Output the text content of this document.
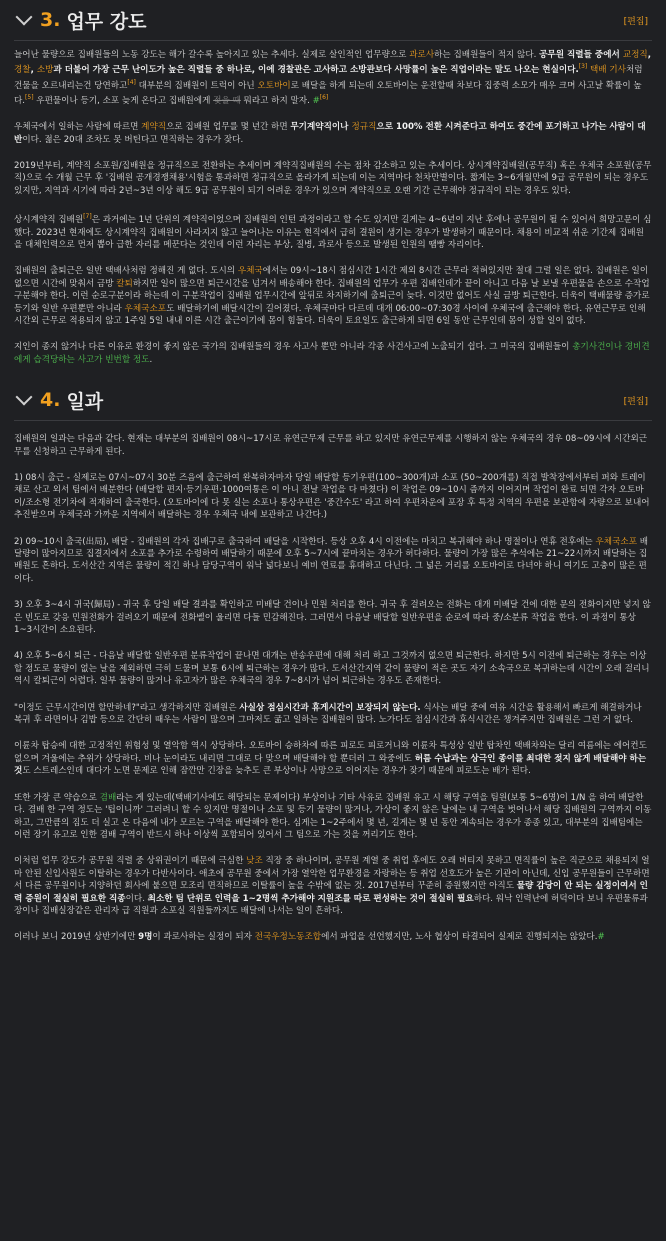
3. 업무 강도	[편집]

늘어난 물량으로 집배원들의 노동 강도는 해가 갈수록 높아지고 있는 추세다. 실제로 살인적인 업무량으로 과로사하는 집배원들이 적지 않다. 공무원 직렬들 중에서 교정직, 경찰, 소방과 더불어 가장 근무 난이도가 높은 직렬들 중 하나로, 이에 경찰관은 고사하고 소방관보다 사망률이 높은 직업이라는 말도 나오는 현실이다.[3] 택배 기사처럼 건물을 오르내리는건 당연하고[4] 대부분의 집배원이 트럭이 아닌 오토바이로 배달을 하게 되는데 오토바이는 운전할때 차보다 집중력 소모가 매우 크며 사고날 확률이 높다.[5] 우편물이나 등기, 소포 늦게 온다고 집배원에게 젖을 때 뭐라고 하지 말자. #[6]

우체국에서 일하는 사람에 따르면 계약직으로 집배원 업무를 몇 년간 하면 무기계약직이나 정규직으로 100% 전환 시켜준다고 하여도 중간에 포기하고 나가는 사람이 대반이다. 젊은 20대 조차도 못 버틴다고 면직하는 경우가 잦다.

2019년부터, 계약직 소포원/집배원을 정규직으로 전환하는 추세이며 계약직집배원의 수는 점차 감소하고 있는 추세이다. 상시계약집배원(공무직) 혹은 우체국 소포원(공무직)으로 수 개월 근무 후 '집배원 공개경쟁채용'시험을 통과하면 정규직으로 올라가게 되는데 이는 지역마다 천차만별이다. 짧게는 3~6개월만에 9급 공무원이 되는 경우도 있지만, 지역과 시기에 따라 2년~3년 이상 해도 9급 공무원이 되기 어려운 경우가 있으며 계약직으로 오랜 기간 근무해야 정규직이 되는 경우도 있다.

상시계약직 집배원[7]은 과거에는 1년 단위의 계약직이었으며 집배원의 인턴 과정이라고 할 수도 있지만 길게는 4~6년이 지난 후에나 공무원이 될 수 있어서 희망고문이 심했다. 2023년 현재에도 상시계약직 집배원이 사라지지 않고 늘어나는 이유는 현직에서 급히 결원이 생기는 경우가 발생하기 때문이다. 채용이 비교적 쉬운 기간제 집배원을 대체인력으로 먼저 뽑아 급한 자리를 메꾼다는 것인데 이런 자리는 부상, 질병, 과로사 등으로 발생된 인원의 땜빵 자리이다.

집배원의 출퇴근은 일반 택배사처럼 정해진 게 없다. 도시의 우체국에서는 09시~18시 점심시간 1시간 제외 8시간 근무라 적혀있지만 절대 그럴 일은 없다. 집배원은 일이 없으면 시간에 맞춰서 금방 칼퇴하지만 일이 많으면 퇴근시간을 넘겨서 배송해야 한다. 집배원의 업무가 우편 집배인데가 끝이 아니고 다음 날 보낼 우편물을 손으로 수작업 구분해야 한다. 이런 순로구분이라 하는데 이 구분작업이 집배원 업무시간에 앞뒤로 차지하기에 출퇴근이 늦다. 이것만 없어도 사실 금방 퇴근한다. 더욱이 택배물량 증가로 등기와 일반 우편뿐만 아니라 우체국소포도 배달하기에 배달시간이 길어졌다. 우체국마다 다르데 대개 06:00~07:30경 사이에 우체국에 출근해야 한다. 유연근무로 인해 시간외 근무로 적용되지 않고 1주일 5일 내내 이른 시간 출근이기에 몸이 힘들다. 더욱이 토요일도 출근하게 되면 6일 동안 근무인데 몸이 성할 일이 없다.

지인이 종지 않거나 다른 이유로 환경이 좋지 않은 국가의 집배원들의 경우 사고사 뿐만 아니라 각종 사건사고에 노출되기 쉽다. 그 미국의 집배원들이 총기사건이나 경비견에게 습격당하는 사고가 빈번할 정도.

4. 일과	[편집]

집배원의 일과는 다음과 같다. 현재는 대부분의 집배원이 08시~17시로 유연근무제 근무를 하고 있지만 유연근무제를 시행하지 않는 우체국의 경우 08~09시에 시간외근무를 신청하고 근무하게 된다.

1) 08시 출근 - 실제로는 07시~07시 30분 즈음에 출근하여 완복하자마자 당일 배달할 등기우편(100~300개)과 소포 (50~200개를) 직접 발착장에서부터 퍼와 트레이 채로 산고 외서 팀에서 배분한다 (배달할 편지·등기우편·1000여통은 이 아니 전날 작업을 다 마쳤다) 이 작업은 09~10시 즘까지 이어지며 작업이 완료 되면 각자 오토바이/조소형 전기차에 적재하여 출국한다. (오토바이에 다 못 실는 소포나 통상우편은 '중간수도' 라고 하여 우편차운에 포장 후 특정 지역의 우편을 보관함에 자량으로 보내어 추진받으며 우체국과 가까운 지역에서 배달하는 경우 우체국 내에 보관하고 나간다.)

2) 09~10시 출국(出局), 배달 - 집배원의 각자 집배구로 출국하여 배달을 시작한다. 등상 오후 4시 이전에는 마치고 복귀해야 하나 명절이나 연휴 전후에는 우체국소포 배달량이 많아지므로 집결지에서 소포를 추가로 수령하여 배달하기 때문에 오후 5~7시에 끝마치는 경우가 허다하다. 물량이 가장 많은 추석에는 21~22시까지 배달하는 집배원도 흔하다. 도서산간 지역은 물량이 적긴 하나 담당구역이 워낙 넓다보니 예비 연료를 휴대하고 다닌다. 그 넓은 거리를 오토바이로 다녀야 하니 여기도 고충이 많은 편이다.

3) 오후 3~4시 귀국(歸局) - 귀국 후 당일 배달 결과를 확인하고 미배달 건이나 민원 처리를 한다. 귀국 후 걸려오는 전화는 대개 미배달 건에 대한 문의 전화이지만 넣지 않은 빈도로 갖응 민원전화가 걸려오기 때문에 전화벨이 울리면 다들 민감해진다. 그러면서 다음날 배달할 일반우편을 순로에 따라 중/소분류 작업을 한다. 이 과정이 통상 1~3시간이 소요된다.

4) 오후 5~6시 퇴근 - 다음날 배달할 일반우편 분류작업이 끝나면 대개는 반송우편에 대해 처리 하고 그것까지 없으면 퇴근한다. 하지만 5시 이전에 퇴근하는 경우는 이상할 정도로 물량이 없는 날을 제외하면 극히 드물며 보통 6시에 퇴근하는 경우가 많다. 도서산간지역 같이 물량이 적은 곳도 자기 소속국으로 복귀하는데 시간이 오래 걸리니 역시 칼퇴근이 어렵다. 일부 물량이 많거나 유고자가 많은 우체국의 경우 7~8시가 넘어 퇴근하는 경우도 존재한다.

"이정도 근무시간이면 할만하네?"라고 생각하지만 집배원은 사실상 점심시간과 휴게시간이 보장되지 않는다. 식사는 배달 중에 여유 시간을 활용해서 빠르게 해결하거나 복귀 후 라면이나 김밥 등으로 간단히 때우는 사람이 많으며 그마저도 굶고 일하는 집배원이 많다. 노가다도 점심시간과 휴식시간은 챙겨주지만 집배원은 그런 거 없다.

이륜차 탑승에 대한 고정적인 위험성 및 열악함 역시 상당하다. 오토바이 승하차에 따른 피로도 피로거니와 이륜차 특성상 일반 탑차인 택배차와는 달리 여름에는 에어컨도 없으며 겨울에는 추위가 상당하다. 비나 눈이라도 내리면 그대로 다 맞으며 배달해야 할 뿐더러 그 와중에도 허름 수납과는 상극인 종이를 최대한 젖지 않게 배달해야 하는 것도 스트레스인데 대다가 노면 문제로 인해 잠깐만 긴장을 늦추도 큰 부상이나 사망으로 이어지는 경우가 잦기 때문에 피로도는 배가 된다.

또한 가장 큰 약습으로 겸배라는 게 있는데(택배기사에도 해당되는 문제이다) 부상이나 기타 사유로 집배원 유고 시 해당 구역을 팀원(보통 5~6명)이 1/N 을 하여 배달한다. 겸배 한 구역 정도는 '팁이니까' 그러려니 할 수 있지만 명절이나 소포 및 등기 물량이 많거나, 가상이 좋지 않은 날에는 내 구역을 벗어나서 해당 집배원의 구역까지 이동 하고, 그만큼의 짐도 더 실고 온 다음에 내가 모르는 구역을 배달해야 한다. 심게는 1~2주에서 몇 년, 길게는 몇 년 동안 계속되는 경우가 종종 있고, 대부분의 집배팀에는 이런 장기 유고로 인한 겸배 구역이 반드시 하나 이상씩 포함되어 있어서 그 팀으로 가는 것을 꺼리기도 한다.

이처럼 업무 강도가 공무원 직렬 중 상위권이기 때문에 극심한 낮조 직장 중 하나이며, 공무원 계열 중 취업 후에도 오래 버티지 못하고 면직률이 높은 직군으로 채용되지 얼마 안된 신입사원도 이탈하는 경우가 다반사이다. 애초에 공무원 중에서 가장 열악한 업무환경을 자랑하는 등 취업 선호도가 높은 기관이 아닌데, 신입 공무원들이 근무하면서 다른 공무원이나 지양하던 회사에 붙으면 모조리 면직하므로 이탈률이 높을 수밖에 없는 것. 2017년부터 꾸준히 증원했지만 아직도 물량 감당이 안 되는 실정이여서 인력 증원이 절실히 필요한 직종이다. 최소한 팀 단위로 인력을 1~2명씩 추가해야 지원조를 따로 편성하는 것이 절실히 필요하다. 워낙 인력난에 허덕이다 보니 우편물류과장이나 집배실장같은 관리자 급 직원과 소포실 직원들까지도 배달에 나서는 일이 흔하다.

이러나 보니 2019년 상반기에만 9명이 과로사하는 실정이 되자 전국우정노동조합에서 파업을 선언했지만, 노사 협상이 타결되어 실제로 진행되지는 않았다.#
